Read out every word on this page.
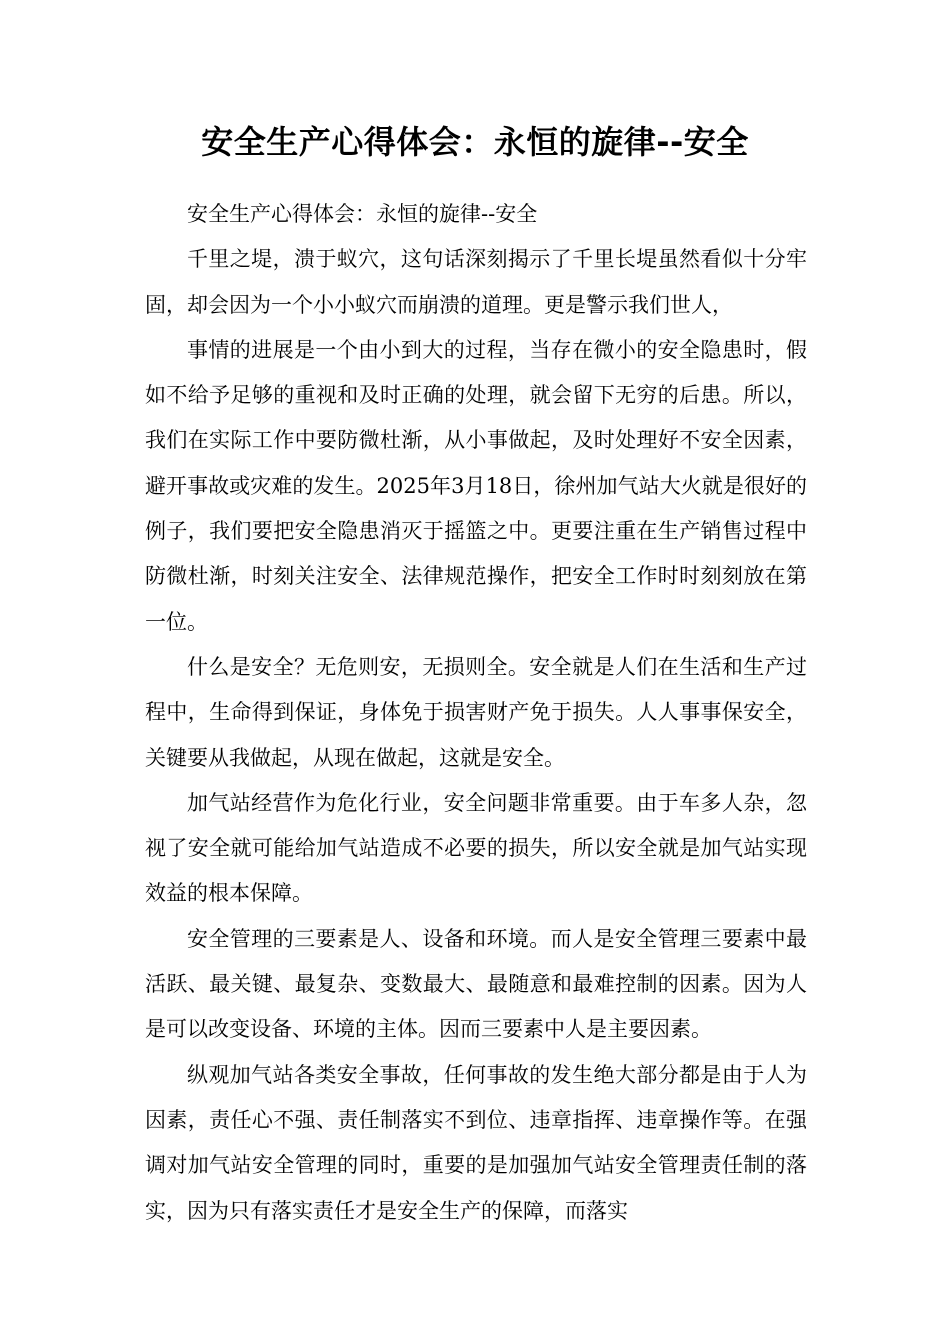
安全生产心得体会：永恒的旋律--安全

安全生产心得体会：永恒的旋律--安全

千里之堤，溃于蚁穴，这句话深刻揭示了千里长堤虽然看似十分牢固，却会因为一个小小蚁穴而崩溃的道理。更是警示我们世人，

事情的进展是一个由小到大的过程，当存在微小的安全隐患时，假如不给予足够的重视和及时正确的处理，就会留下无穷的后患。所以，我们在实际工作中要防微杜渐，从小事做起，及时处理好不安全因素，避开事故或灾难的发生。2025年3月18日，徐州加气站大火就是很好的例子，我们要把安全隐患消灭于摇篮之中。更要注重在生产销售过程中防微杜渐，时刻关注安全、法律规范操作，把安全工作时时刻刻放在第一位。

什么是安全？无危则安，无损则全。安全就是人们在生活和生产过程中，生命得到保证，身体免于损害财产免于损失。人人事事保安全，关键要从我做起，从现在做起，这就是安全。

加气站经营作为危化行业，安全问题非常重要。由于车多人杂，忽视了安全就可能给加气站造成不必要的损失，所以安全就是加气站实现效益的根本保障。

安全管理的三要素是人、设备和环境。而人是安全管理三要素中最活跃、最关键、最复杂、变数最大、最随意和最难控制的因素。因为人是可以改变设备、环境的主体。因而三要素中人是主要因素。

纵观加气站各类安全事故，任何事故的发生绝大部分都是由于人为因素，责任心不强、责任制落实不到位、违章指挥、违章操作等。在强调对加气站安全管理的同时，重要的是加强加气站安全管理责任制的落实，因为只有落实责任才是安全生产的保障，而落实
